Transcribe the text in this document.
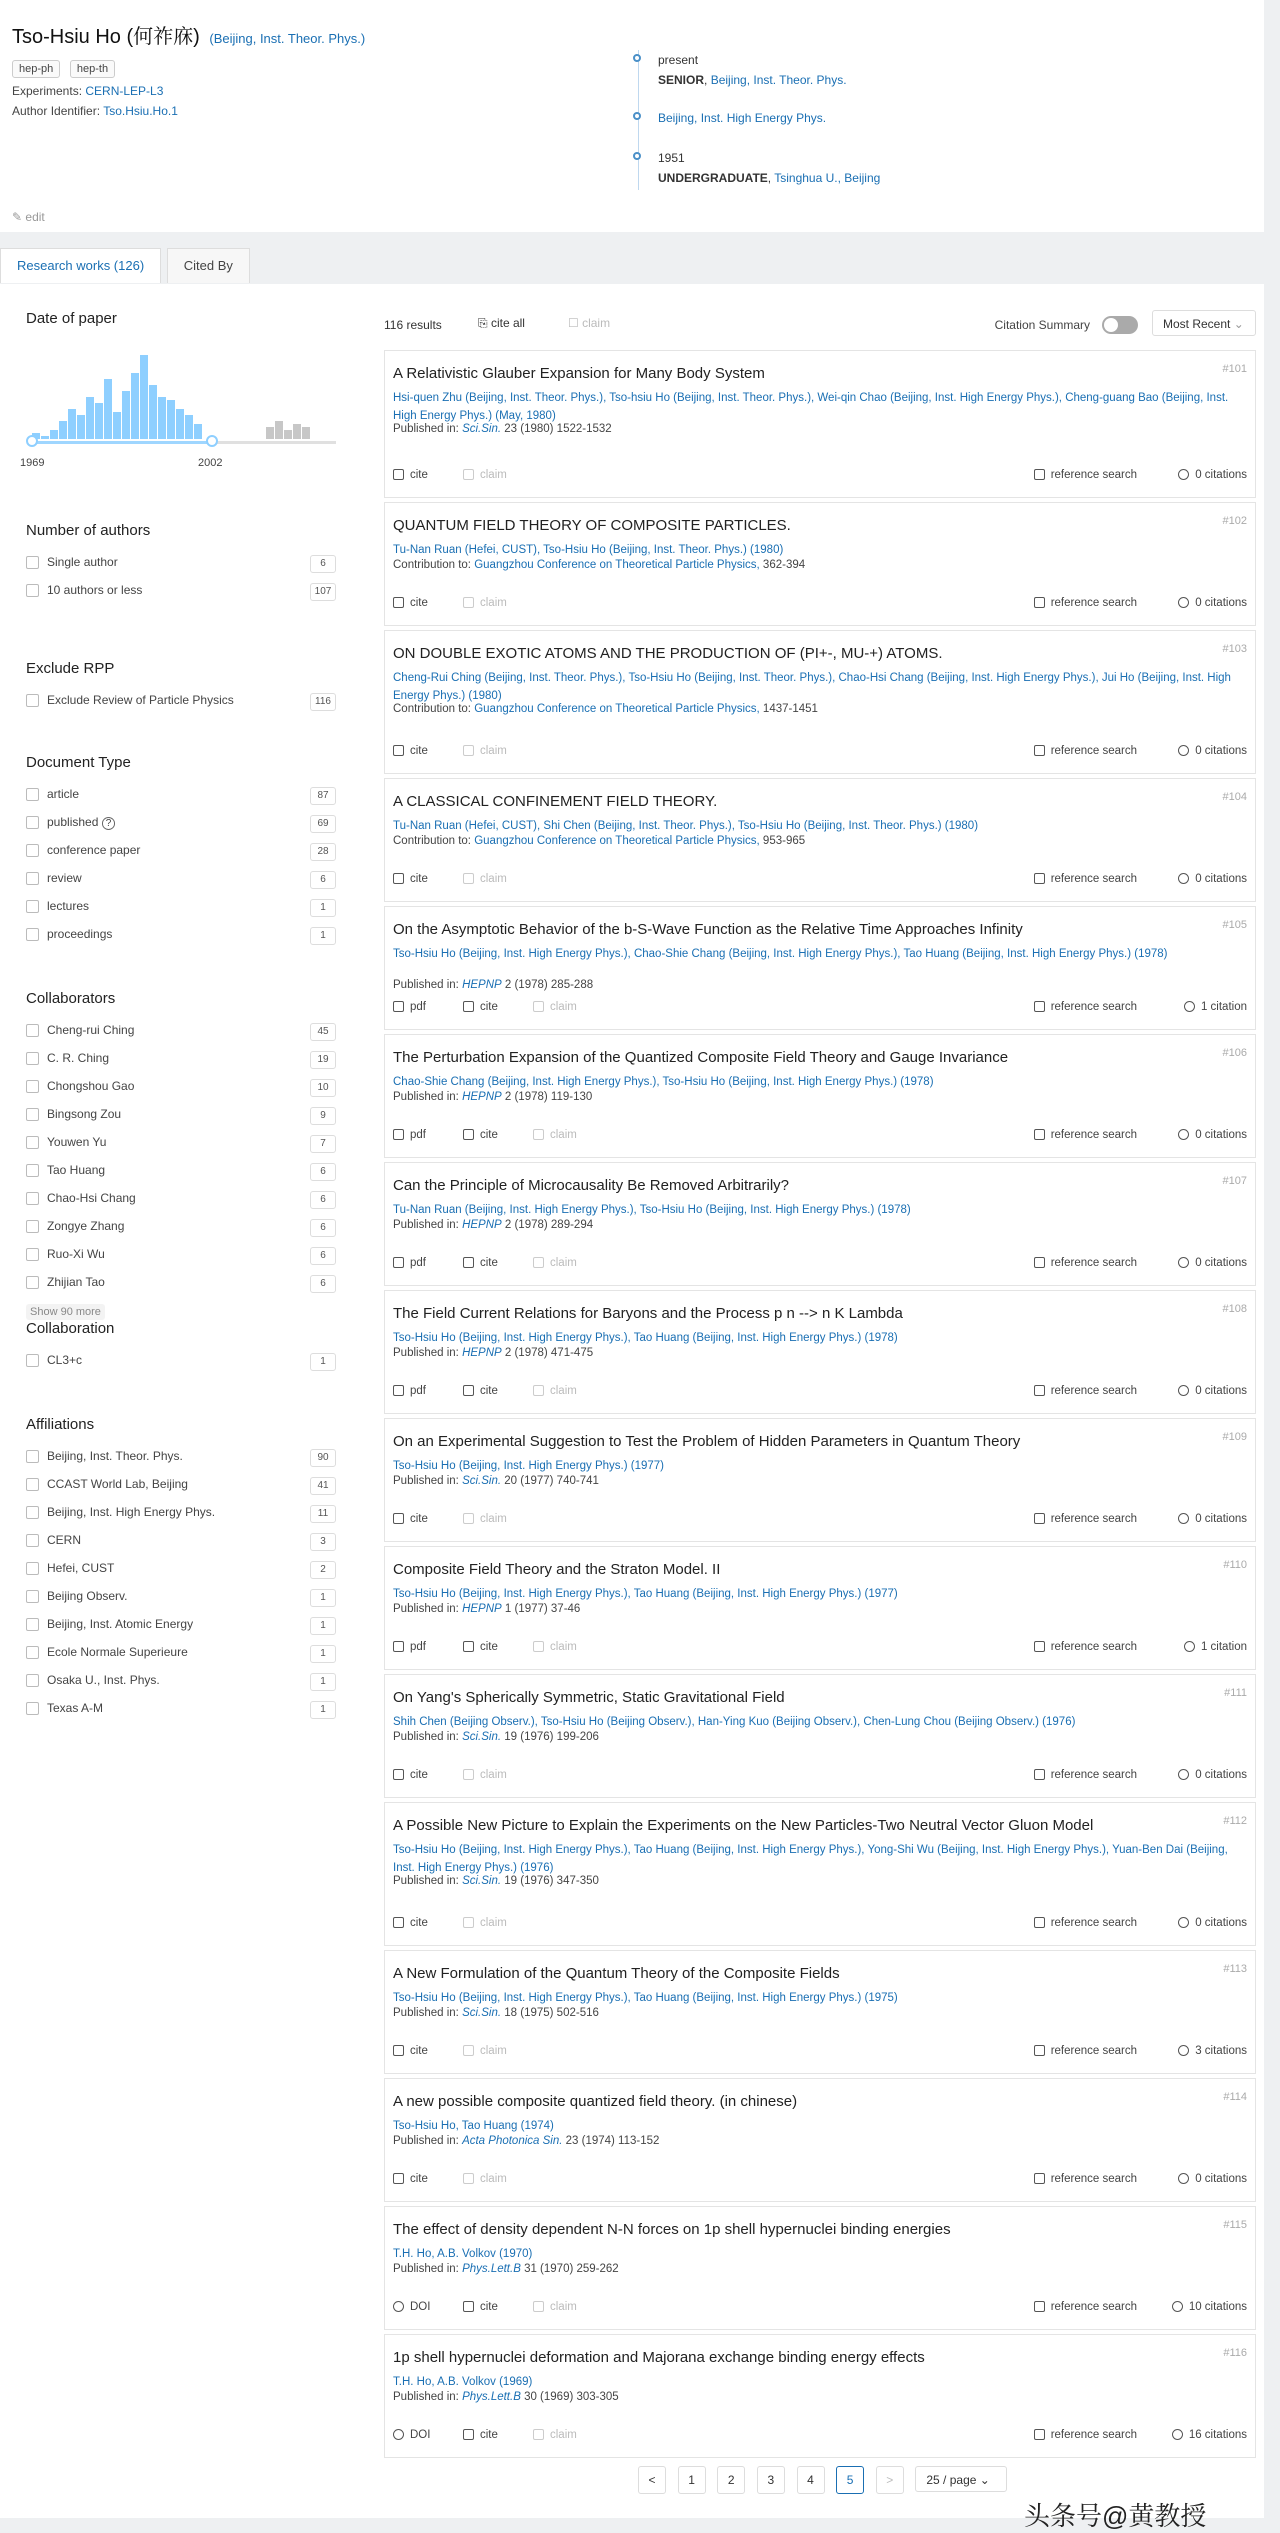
Tso-Hsiu Ho (何祚庥) (Beijing, Inst. Theor. Phys.)
hep-ph hep-th
Experiments: CERN-LEP-L3
Author Identifier: Tso.Hsiu.Ho.1
✎ edit
present
SENIOR, Beijing, Inst. Theor. Phys.
Beijing, Inst. High Energy Phys.
1951
UNDERGRADUATE, Tsinghua U., Beijing
Research works (126)	Cited By
Date of paper
1969	2002
Number of authors
Single author	6
10 authors or less	107
Exclude RPP
Exclude Review of Particle Physics	116
Document Type
article	87
published ?	69
conference paper	28
review	6
lectures	1
proceedings	1
Collaborators
Cheng-rui Ching	45
C. R. Ching	19
Chongshou Gao	10
Bingsong Zou	9
Youwen Yu	7
Tao Huang	6
Chao-Hsi Chang	6
Zongye Zhang	6
Ruo-Xi Wu	6
Zhijian Tao	6
Show 90 more
Collaboration
CL3+c	1
Affiliations
Beijing, Inst. Theor. Phys.	90
CCAST World Lab, Beijing	41
Beijing, Inst. High Energy Phys.	11
CERN	3
Hefei, CUST	2
Beijing Observ.	1
Beijing, Inst. Atomic Energy	1
Ecole Normale Superieure	1
Osaka U., Inst. Phys.	1
Texas A-M	1
116 results	⎘ cite all	☐ claim	Citation Summary	Most Recent ⌄
#101
A Relativistic Glauber Expansion for Many Body System
Hsi-quen Zhu (Beijing, Inst. Theor. Phys.), Tso-hsiu Ho (Beijing, Inst. Theor. Phys.), Wei-qin Chao (Beijing, Inst. High Energy Phys.), Cheng-guang Bao (Beijing, Inst. High Energy Phys.) (May, 1980)
Published in: Sci.Sin. 23 (1980) 1522-1532
cite	claim	reference search	0 citations
#102
QUANTUM FIELD THEORY OF COMPOSITE PARTICLES.
Tu-Nan Ruan (Hefei, CUST), Tso-Hsiu Ho (Beijing, Inst. Theor. Phys.) (1980)
Contribution to: Guangzhou Conference on Theoretical Particle Physics, 362-394
cite	claim	reference search	0 citations
#103
ON DOUBLE EXOTIC ATOMS AND THE PRODUCTION OF (PI+-, MU-+) ATOMS.
Cheng-Rui Ching (Beijing, Inst. Theor. Phys.), Tso-Hsiu Ho (Beijing, Inst. Theor. Phys.), Chao-Hsi Chang (Beijing, Inst. High Energy Phys.), Jui Ho (Beijing, Inst. High Energy Phys.) (1980)
Contribution to: Guangzhou Conference on Theoretical Particle Physics, 1437-1451
cite	claim	reference search	0 citations
#104
A CLASSICAL CONFINEMENT FIELD THEORY.
Tu-Nan Ruan (Hefei, CUST), Shi Chen (Beijing, Inst. Theor. Phys.), Tso-Hsiu Ho (Beijing, Inst. Theor. Phys.) (1980)
Contribution to: Guangzhou Conference on Theoretical Particle Physics, 953-965
cite	claim	reference search	0 citations
#105
On the Asymptotic Behavior of the b-S-Wave Function as the Relative Time Approaches Infinity
Tso-Hsiu Ho (Beijing, Inst. High Energy Phys.), Chao-Shie Chang (Beijing, Inst. High Energy Phys.), Tao Huang (Beijing, Inst. High Energy Phys.) (1978)
Published in: HEPNP 2 (1978) 285-288
pdf	cite	claim	reference search	1 citation
#106
The Perturbation Expansion of the Quantized Composite Field Theory and Gauge Invariance
Chao-Shie Chang (Beijing, Inst. High Energy Phys.), Tso-Hsiu Ho (Beijing, Inst. High Energy Phys.) (1978)
Published in: HEPNP 2 (1978) 119-130
pdf	cite	claim	reference search	0 citations
#107
Can the Principle of Microcausality Be Removed Arbitrarily?
Tu-Nan Ruan (Beijing, Inst. High Energy Phys.), Tso-Hsiu Ho (Beijing, Inst. High Energy Phys.) (1978)
Published in: HEPNP 2 (1978) 289-294
pdf	cite	claim	reference search	0 citations
#108
The Field Current Relations for Baryons and the Process p n --> n K Lambda
Tso-Hsiu Ho (Beijing, Inst. High Energy Phys.), Tao Huang (Beijing, Inst. High Energy Phys.) (1978)
Published in: HEPNP 2 (1978) 471-475
pdf	cite	claim	reference search	0 citations
#109
On an Experimental Suggestion to Test the Problem of Hidden Parameters in Quantum Theory
Tso-Hsiu Ho (Beijing, Inst. High Energy Phys.) (1977)
Published in: Sci.Sin. 20 (1977) 740-741
cite	claim	reference search	0 citations
#110
Composite Field Theory and the Straton Model. II
Tso-Hsiu Ho (Beijing, Inst. High Energy Phys.), Tao Huang (Beijing, Inst. High Energy Phys.) (1977)
Published in: HEPNP 1 (1977) 37-46
pdf	cite	claim	reference search	1 citation
#111
On Yang's Spherically Symmetric, Static Gravitational Field
Shih Chen (Beijing Observ.), Tso-Hsiu Ho (Beijing Observ.), Han-Ying Kuo (Beijing Observ.), Chen-Lung Chou (Beijing Observ.) (1976)
Published in: Sci.Sin. 19 (1976) 199-206
cite	claim	reference search	0 citations
#112
A Possible New Picture to Explain the Experiments on the New Particles-Two Neutral Vector Gluon Model
Tso-Hsiu Ho (Beijing, Inst. High Energy Phys.), Tao Huang (Beijing, Inst. High Energy Phys.), Yong-Shi Wu (Beijing, Inst. High Energy Phys.), Yuan-Ben Dai (Beijing, Inst. High Energy Phys.) (1976)
Published in: Sci.Sin. 19 (1976) 347-350
cite	claim	reference search	0 citations
#113
A New Formulation of the Quantum Theory of the Composite Fields
Tso-Hsiu Ho (Beijing, Inst. High Energy Phys.), Tao Huang (Beijing, Inst. High Energy Phys.) (1975)
Published in: Sci.Sin. 18 (1975) 502-516
cite	claim	reference search	3 citations
#114
A new possible composite quantized field theory. (in chinese)
Tso-Hsiu Ho, Tao Huang (1974)
Published in: Acta Photonica Sin. 23 (1974) 113-152
cite	claim	reference search	0 citations
#115
The effect of density dependent N-N forces on 1p shell hypernuclei binding energies
T.H. Ho, A.B. Volkov (1970)
Published in: Phys.Lett.B 31 (1970) 259-262
DOI	cite	claim	reference search	10 citations
#116
1p shell hypernuclei deformation and Majorana exchange binding energy effects
T.H. Ho, A.B. Volkov (1969)
Published in: Phys.Lett.B 30 (1969) 303-305
DOI	cite	claim	reference search	16 citations
<	1	2	3	4	5	>	25 / page ⌄
头条号@黄教授
